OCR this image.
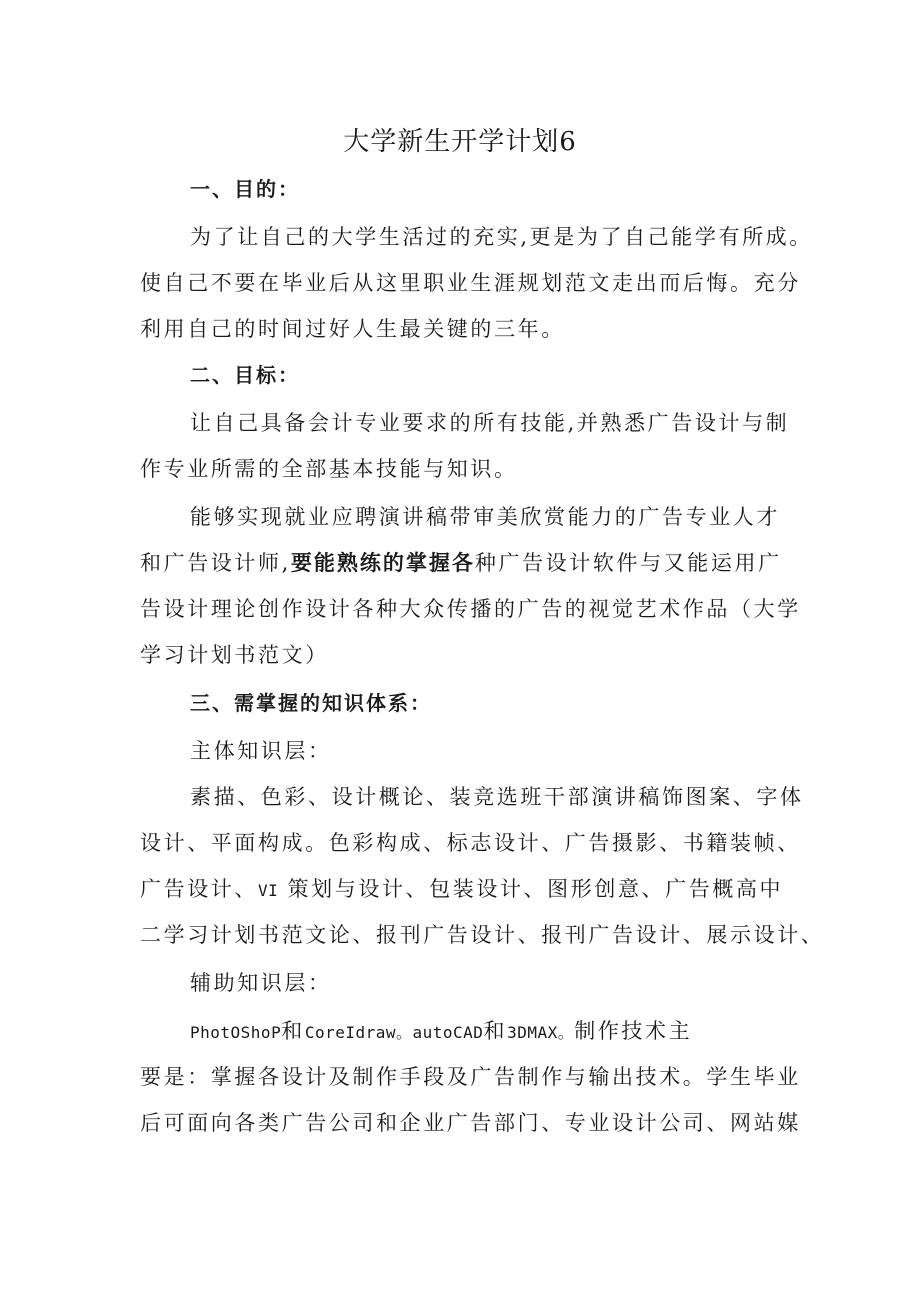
大学新生开学计划6
一、目的：
为了让自己的大学生活过的充实,更是为了自己能学有所成。
使自己不要在毕业后从这里职业生涯规划范文走出而后悔。充分
利用自己的时间过好人生最关键的三年。
二、目标：
让自己具备会计专业要求的所有技能,并熟悉广告设计与制
作专业所需的全部基本技能与知识。
能够实现就业应聘演讲稿带审美欣赏能力的广告专业人才
和广告设计师,要能熟练的掌握各种广告设计软件与又能运用广
告设计理论创作设计各种大众传播的广告的视觉艺术作品（大学
学习计划书范文）
三、需掌握的知识体系：
主体知识层：
素描、色彩、设计概论、装竞选班干部演讲稿饰图案、字体
设计、平面构成。色彩构成、标志设计、广告摄影、书籍装帧、
广告设计、VI 策划与设计、包装设计、图形创意、广告概高中
二学习计划书范文论、报刊广告设计、报刊广告设计、展示设计、
辅助知识层：
PhotOShoP和CoreIdraw。autoCAD和3DMAX。制作技术主
要是：掌握各设计及制作手段及广告制作与输出技术。学生毕业
后可面向各类广告公司和企业广告部门、专业设计公司、网站媒
